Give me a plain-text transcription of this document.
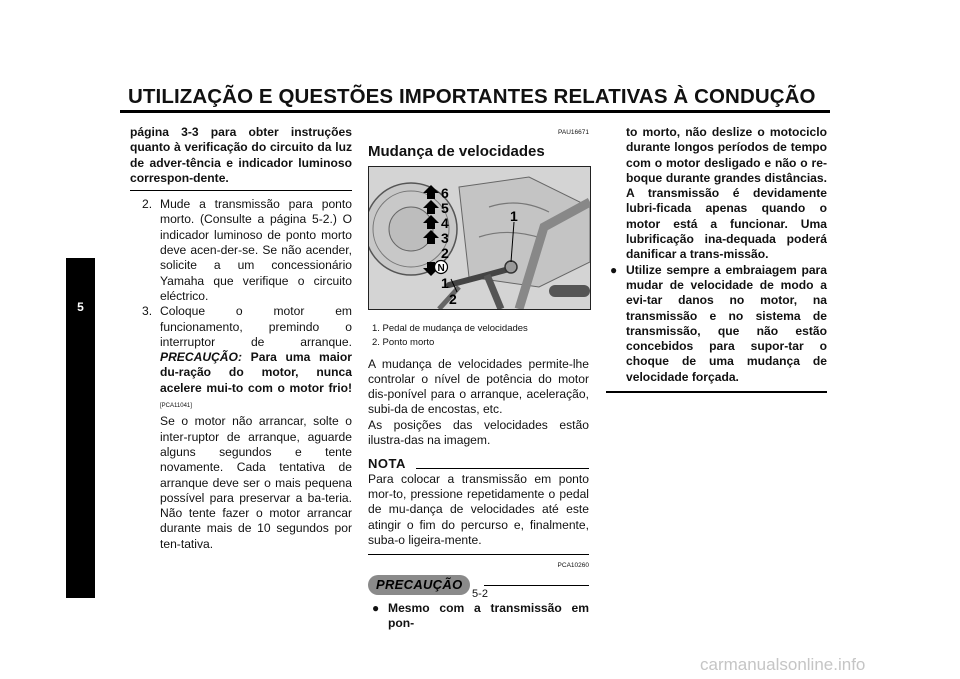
UTILIZAÇÃO E QUESTÕES IMPORTANTES RELATIVAS À CONDUÇÃO
5
página 3-3 para obter instruções quanto à verificação do circuito da luz de adver-tência e indicador luminoso correspon-dente.
2. Mude a transmissão para ponto morto. (Consulte a página 5-2.) O indicador luminoso de ponto morto deve acen-der-se. Se não acender, solicite a um concessionário Yamaha que verifique o circuito eléctrico.
3. Coloque o motor em funcionamento, premindo o interruptor de arranque. PRECAUÇÃO: Para uma maior du-ração do motor, nunca acelere mui-to com o motor frio![PCA11041]
Se o motor não arrancar, solte o inter-ruptor de arranque, aguarde alguns segundos e tente novamente. Cada tentativa de arranque deve ser o mais pequena possível para preservar a ba-teria. Não tente fazer o motor arrancar durante mais de 10 segundos por ten-tativa.
PAU16671
Mudança de velocidades
6
5
4
3
2
N
1
1
2
1. Pedal de mudança de velocidades
2. Ponto morto
A mudança de velocidades permite-lhe controlar o nível de potência do motor dis-ponível para o arranque, aceleração, subi-da de encostas, etc.
As posições das velocidades estão ilustra-das na imagem.
NOTA
Para colocar a transmissão em ponto mor-to, pressione repetidamente o pedal de mu-dança de velocidades até este atingir o fim do percurso e, finalmente, suba-o ligeira-mente.
PCA10260
PRECAUÇÃO
● Mesmo com a transmissão em pon-
to morto, não deslize o motociclo durante longos períodos de tempo com o motor desligado e não o re-boque durante grandes distâncias. A transmissão é devidamente lubri-ficada apenas quando o motor está a funcionar. Uma lubrificação ina-dequada poderá danificar a trans-missão.
● Utilize sempre a embraiagem para mudar de velocidade de modo a evi-tar danos no motor, na transmissão e no sistema de transmissão, que não estão concebidos para supor-tar o choque de uma mudança de velocidade forçada.
5-2
carmanualsonline.info
